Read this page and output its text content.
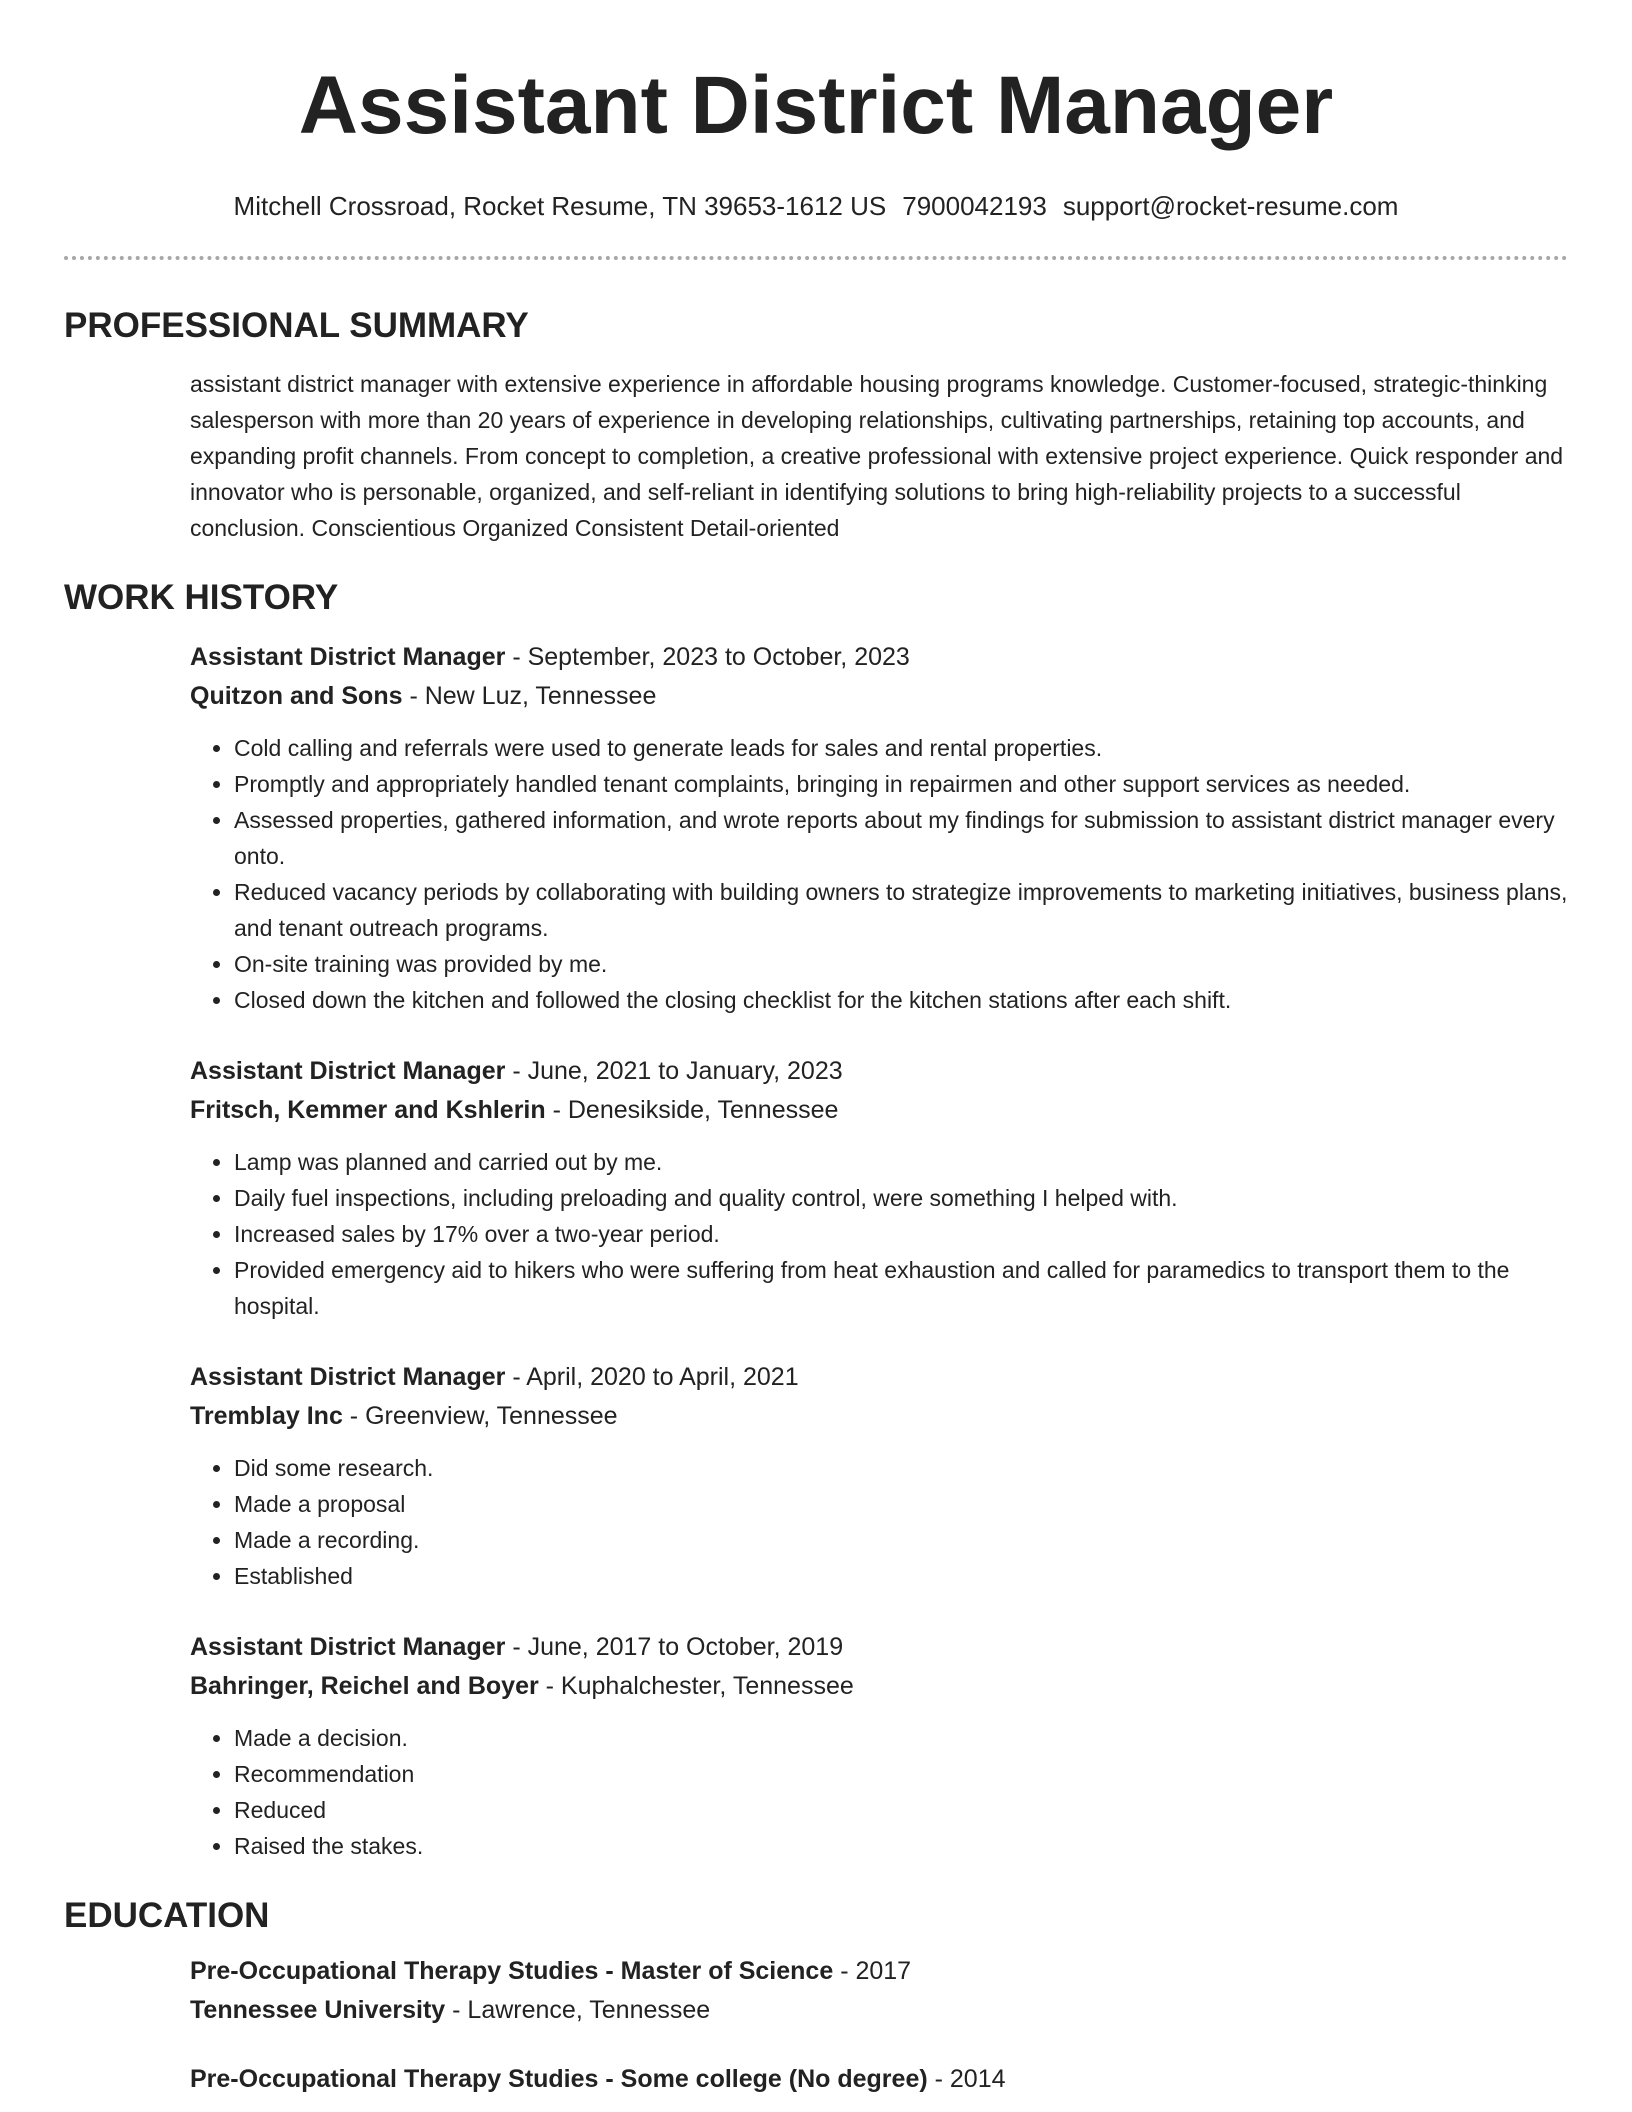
Assistant District Manager
Mitchell Crossroad, Rocket Resume, TN 39653-1612 US 7900042193 support@rocket-resume.com
PROFESSIONAL SUMMARY
assistant district manager with extensive experience in affordable housing programs knowledge. Customer-focused, strategic-thinking salesperson with more than 20 years of experience in developing relationships, cultivating partnerships, retaining top accounts, and expanding profit channels. From concept to completion, a creative professional with extensive project experience. Quick responder and innovator who is personable, organized, and self-reliant in identifying solutions to bring high-reliability projects to a successful conclusion. Conscientious Organized Consistent Detail-oriented
WORK HISTORY
Assistant District Manager - September, 2023 to October, 2023
Quitzon and Sons - New Luz, Tennessee
• Cold calling and referrals were used to generate leads for sales and rental properties.
• Promptly and appropriately handled tenant complaints, bringing in repairmen and other support services as needed.
• Assessed properties, gathered information, and wrote reports about my findings for submission to assistant district manager every onto.
• Reduced vacancy periods by collaborating with building owners to strategize improvements to marketing initiatives, business plans, and tenant outreach programs.
• On-site training was provided by me.
• Closed down the kitchen and followed the closing checklist for the kitchen stations after each shift.
Assistant District Manager - June, 2021 to January, 2023
Fritsch, Kemmer and Kshlerin - Denesikside, Tennessee
• Lamp was planned and carried out by me.
• Daily fuel inspections, including preloading and quality control, were something I helped with.
• Increased sales by 17% over a two-year period.
• Provided emergency aid to hikers who were suffering from heat exhaustion and called for paramedics to transport them to the hospital.
Assistant District Manager - April, 2020 to April, 2021
Tremblay Inc - Greenview, Tennessee
• Did some research.
• Made a proposal
• Made a recording.
• Established
Assistant District Manager - June, 2017 to October, 2019
Bahringer, Reichel and Boyer - Kuphalchester, Tennessee
• Made a decision.
• Recommendation
• Reduced
• Raised the stakes.
EDUCATION
Pre-Occupational Therapy Studies - Master of Science - 2017
Tennessee University - Lawrence, Tennessee
Pre-Occupational Therapy Studies - Some college (No degree) - 2014
